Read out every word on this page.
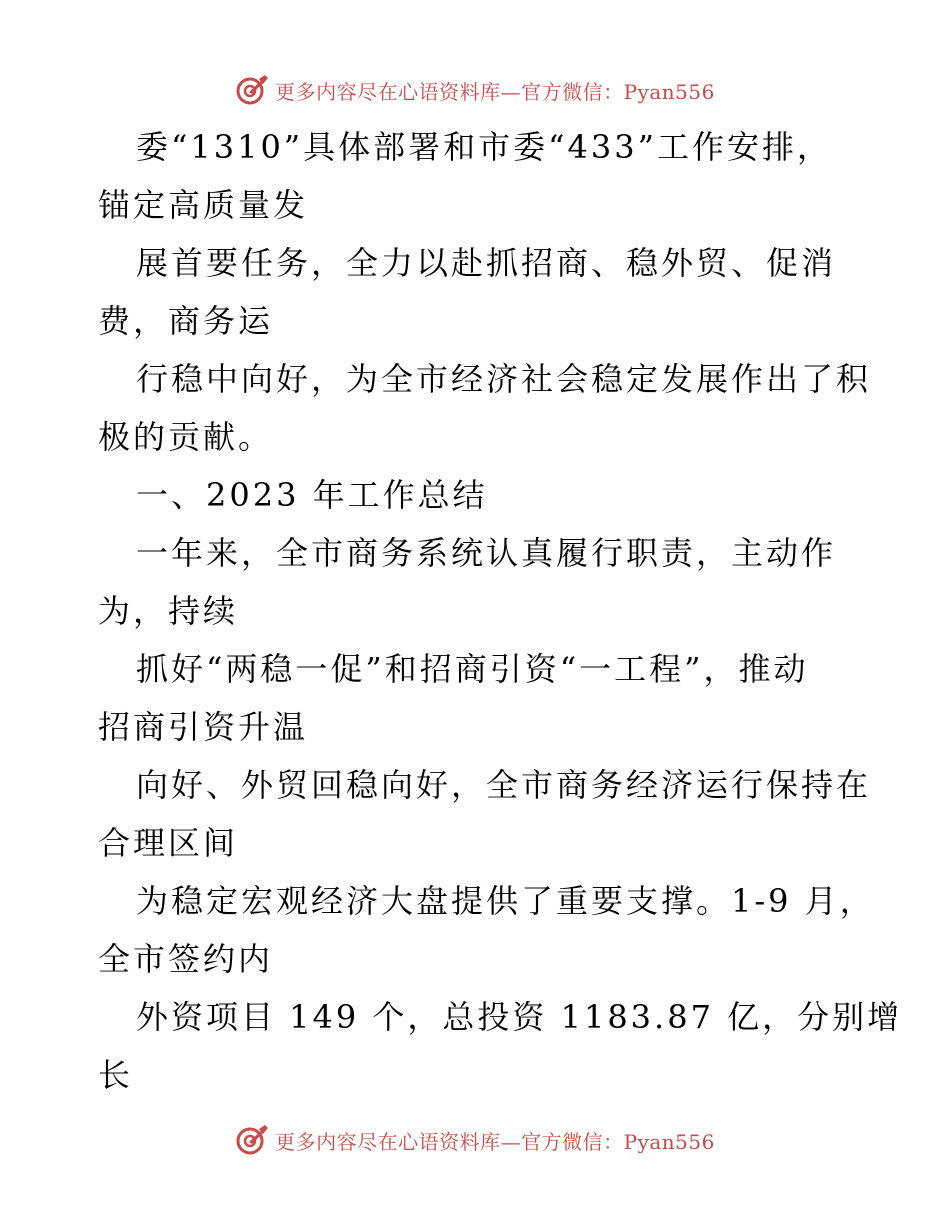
更多内容尽在心语资料库—官方微信：Pyan556
委“1310”具体部署和市委“433”工作安排，
锚定高质量发
展首要任务，全力以赴抓招商、稳外贸、促消
费，商务运
行稳中向好，为全市经济社会稳定发展作出了积
极的贡献。
一、2023 年工作总结
一年来，全市商务系统认真履行职责，主动作
为，持续
抓好“两稳一促”和招商引资“一工程”，推动
招商引资升温
向好、外贸回稳向好，全市商务经济运行保持在
合理区间
为稳定宏观经济大盘提供了重要支撑。1-9 月，
全市签约内
外资项目 149 个，总投资 1183.87 亿，分别增
长
更多内容尽在心语资料库—官方微信：Pyan556
